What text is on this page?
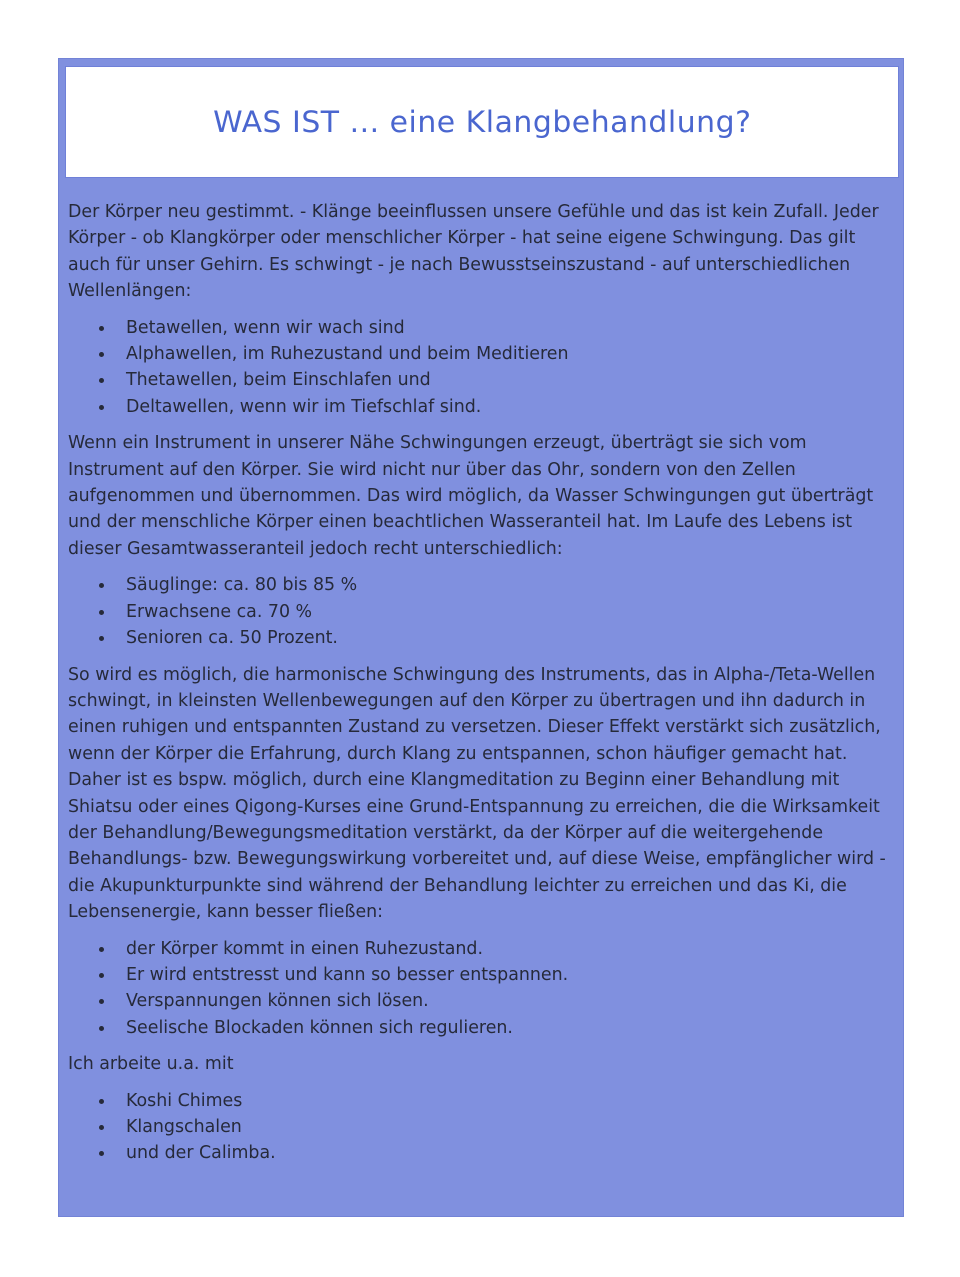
WAS IST ... eine Klangbehandlung?

Der Körper neu gestimmt. - Klänge beeinflussen unsere Gefühle und das ist kein Zufall. Jeder Körper - ob Klangkörper oder menschlicher Körper - hat seine eigene Schwingung. Das gilt auch für unser Gehirn. Es schwingt - je nach Bewusstseinszustand - auf unterschiedlichen Wellenlängen:

Betawellen, wenn wir wach sind
Alphawellen, im Ruhezustand und beim Meditieren
Thetawellen, beim Einschlafen und
Deltawellen, wenn wir im Tiefschlaf sind.

Wenn ein Instrument in unserer Nähe Schwingungen erzeugt, überträgt sie sich vom Instrument auf den Körper. Sie wird nicht nur über das Ohr, sondern von den Zellen aufgenommen und übernommen. Das wird möglich, da Wasser Schwingungen gut überträgt und der menschliche Körper einen beachtlichen Wasseranteil hat. Im Laufe des Lebens ist dieser Gesamtwasseranteil jedoch recht unterschiedlich:

Säuglinge: ca. 80 bis 85 %
Erwachsene ca. 70 %
Senioren ca. 50 Prozent.

So wird es möglich, die harmonische Schwingung des Instruments, das in Alpha-/Teta-Wellen schwingt, in kleinsten Wellenbewegungen auf den Körper zu übertragen und ihn dadurch in einen ruhigen und entspannten Zustand zu versetzen. Dieser Effekt verstärkt sich zusätzlich, wenn der Körper die Erfahrung, durch Klang zu entspannen, schon häufiger gemacht hat. Daher ist es bspw. möglich, durch eine Klangmeditation zu Beginn einer Behandlung mit Shiatsu oder eines Qigong-Kurses eine Grund-Entspannung zu erreichen, die die Wirksamkeit der Behandlung/Bewegungsmeditation verstärkt, da der Körper auf die weitergehende Behandlungs- bzw. Bewegungswirkung vorbereitet und, auf diese Weise, empfänglicher wird - die Akupunkturpunkte sind während der Behandlung leichter zu erreichen und das Ki, die Lebensenergie, kann besser fließen:

der Körper kommt in einen Ruhezustand.
Er wird entstresst und kann so besser entspannen.
Verspannungen können sich lösen.
Seelische Blockaden können sich regulieren.

Ich arbeite u.a. mit

Koshi Chimes
Klangschalen
und der Calimba.
